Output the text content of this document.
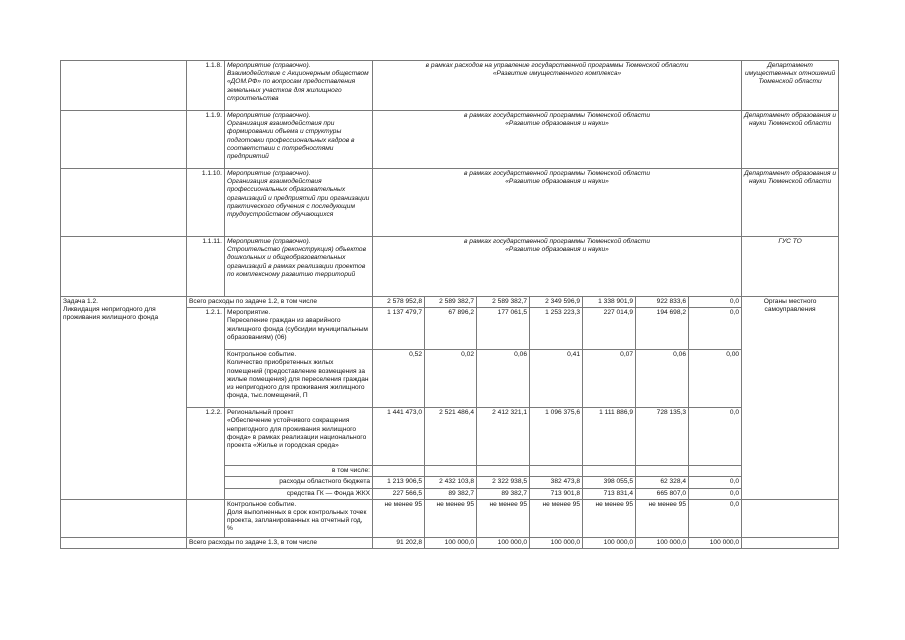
	1.1.8.	Мероприятие (справочно).
Взаимодействие с Акционерным обществом «ДОМ.РФ» по вопросам предоставления земельных участков для жилищного строительства	в рамках расходов на управление государственной программы Тюменской области
«Развитие имущественного комплекса»							Департамент имущественных отношений Тюменской области
	1.1.9.	Мероприятие (справочно).
Организация взаимодействия при формировании объема и структуры подготовки профессиональных кадров в соответствии с потребностями предприятий	в рамках государственной программы Тюменской области
«Развитие образования и науки»							Департамент образования и науки Тюменской области
	1.1.10.	Мероприятие (справочно).
Организация взаимодействия профессиональных образовательных организаций и предприятий при организации практического обучения с последующим трудоустройством обучающихся	в рамках государственной программы Тюменской области
«Развитие образования и науки»							Департамент образования и науки Тюменской области
	1.1.11.	Мероприятие (справочно).
Строительство (реконструкция) объектов дошкольных и общеобразовательных организаций в рамках реализации проектов по комплексному развитию территорий	в рамках государственной программы Тюменской области
«Развитие образования и науки»							ГУС ТО
Задача 1.2.
Ликвидация непригодного для проживания жилищного фонда	Всего расходы по задаче 1.2, в том числе		2 578 952,8	2 589 382,7	2 589 382,7	2 349 596,9	1 338 901,9	922 833,6	0,0	Органы местного самоуправления
	1.2.1.	Мероприятие.
Переселение граждан из аварийного жилищного фонда (субсидии муниципальным образованиям) (06)	1 137 479,7	67 896,2	177 061,5	1 253 223,3	227 014,9	194 698,2	0,0	
		Контрольное событие.
Количество приобретенных жилых помещений (предоставление возмещения за жилые помещения) для переселения граждан из непригодного для проживания жилищного фонда, тыс.помещений, П	0,52	0,02	0,06	0,41	0,07	0,06	0,00	
	1.2.2.	Региональный проект
«Обеспечение устойчивого сокращения непригодного для проживания жилищного фонда» в рамках реализации национального проекта «Жилье и городская среда»	1 441 473,0	2 521 486,4	2 412 321,1	1 096 375,6	1 111 886,9	728 135,3	0,0	
		в том числе:								
		расходы областного бюджета	1 213 906,5	2 432 103,8	2 322 938,5	382 473,8	398 055,5	62 328,4	0,0	
		средства ГК — Фонда ЖКХ	227 566,5	89 382,7	89 382,7	713 901,8	713 831,4	665 807,0	0,0	
		Контрольное событие.
Доля выполненных в срок контрольных точек проекта, запланированных на отчетный год, %	не менее 95	не менее 95	не менее 95	не менее 95	не менее 95	не менее 95	0,0	
	Всего расходы по задаче 1.3, в том числе		91 202,8	100 000,0	100 000,0	100 000,0	100 000,0	100 000,0	100 000,0	
